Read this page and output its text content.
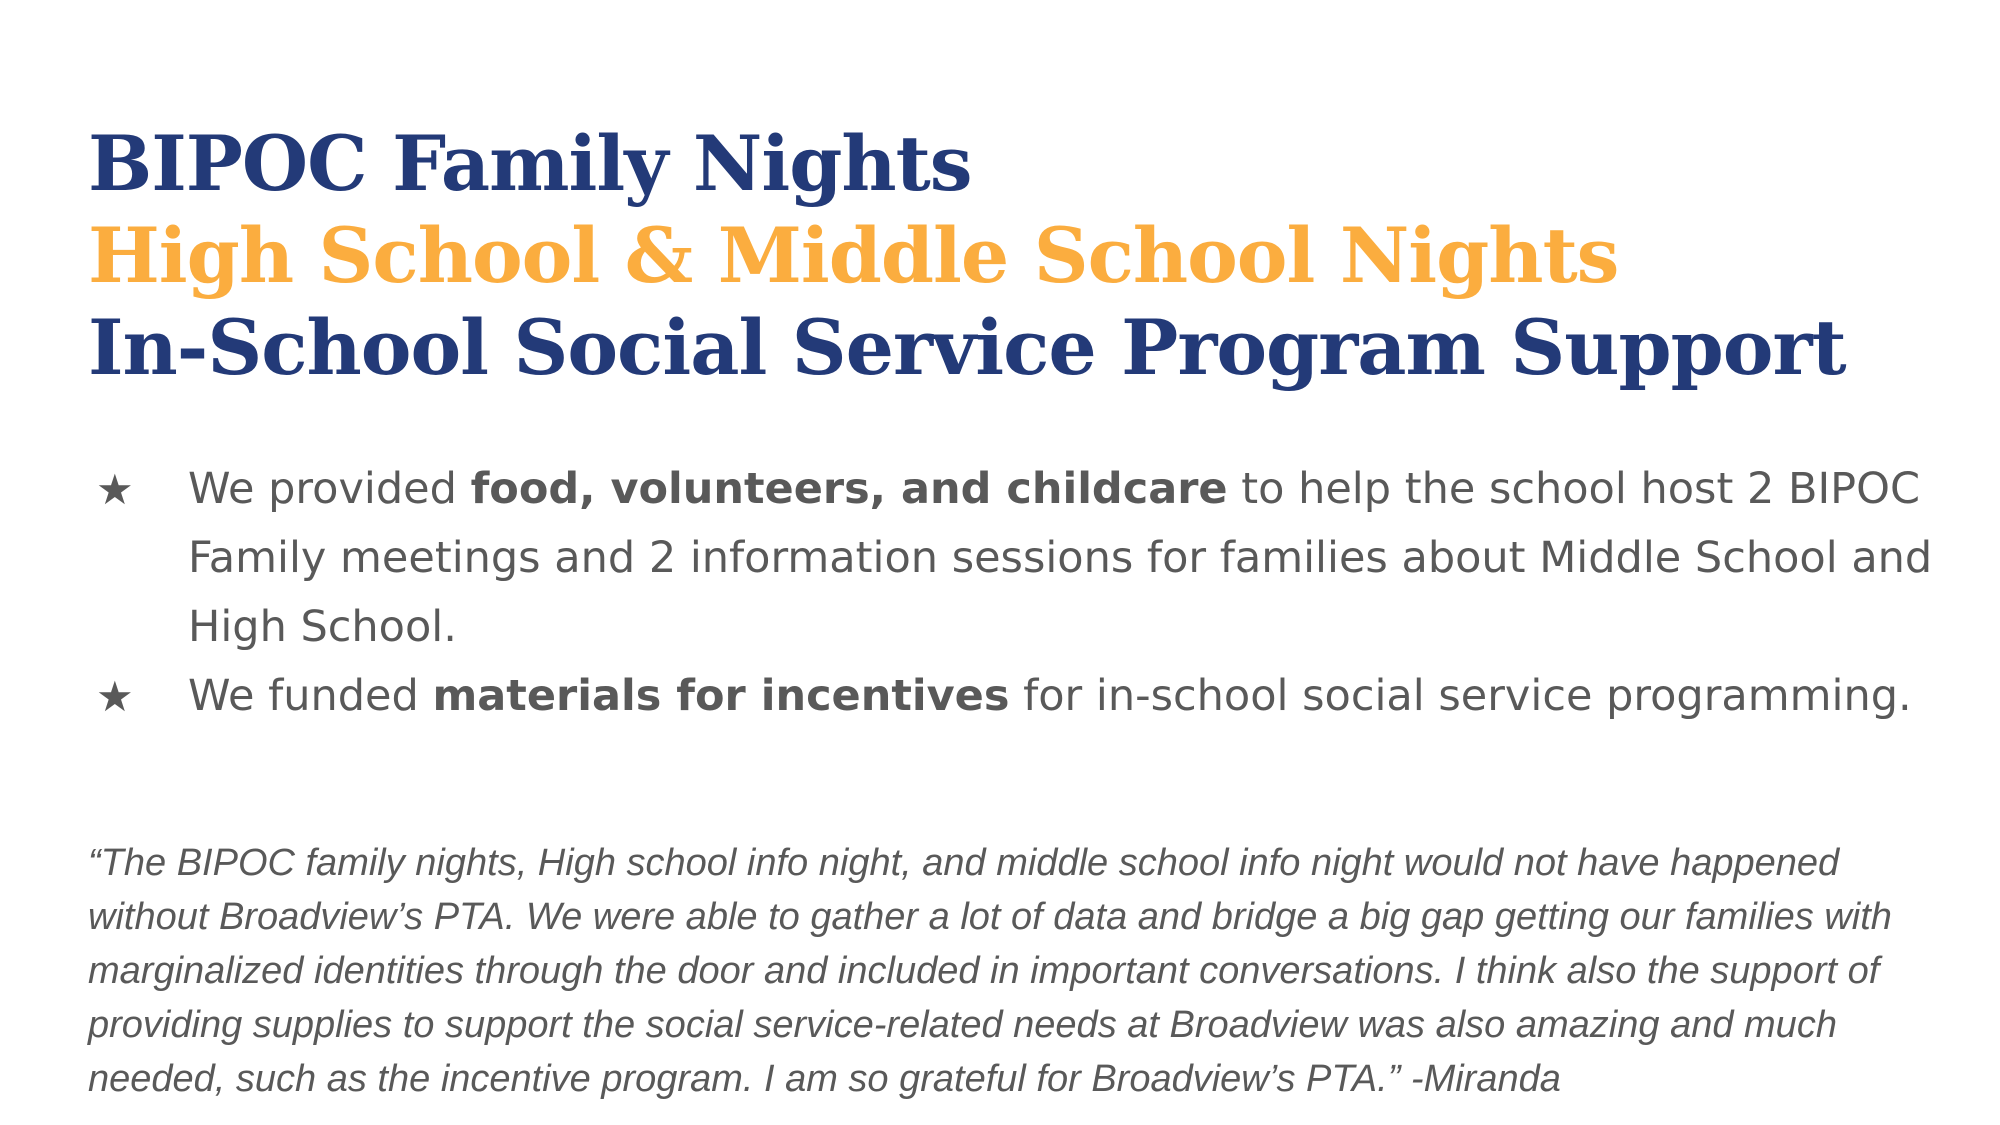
BIPOC Family Nights
High School & Middle School Nights
In-School Social Service Program Support
★ We provided food, volunteers, and childcare to help the school host 2 BIPOC Family meetings and 2 information sessions for families about Middle School and High School.
★ We funded materials for incentives for in-school social service programming.
“The BIPOC family nights, High school info night, and middle school info night would not have happened without Broadview’s PTA. We were able to gather a lot of data and bridge a big gap getting our families with marginalized identities through the door and included in important conversations. I think also the support of providing supplies to support the social service-related needs at Broadview was also amazing and much needed, such as the incentive program. I am so grateful for Broadview’s PTA.” -Miranda
